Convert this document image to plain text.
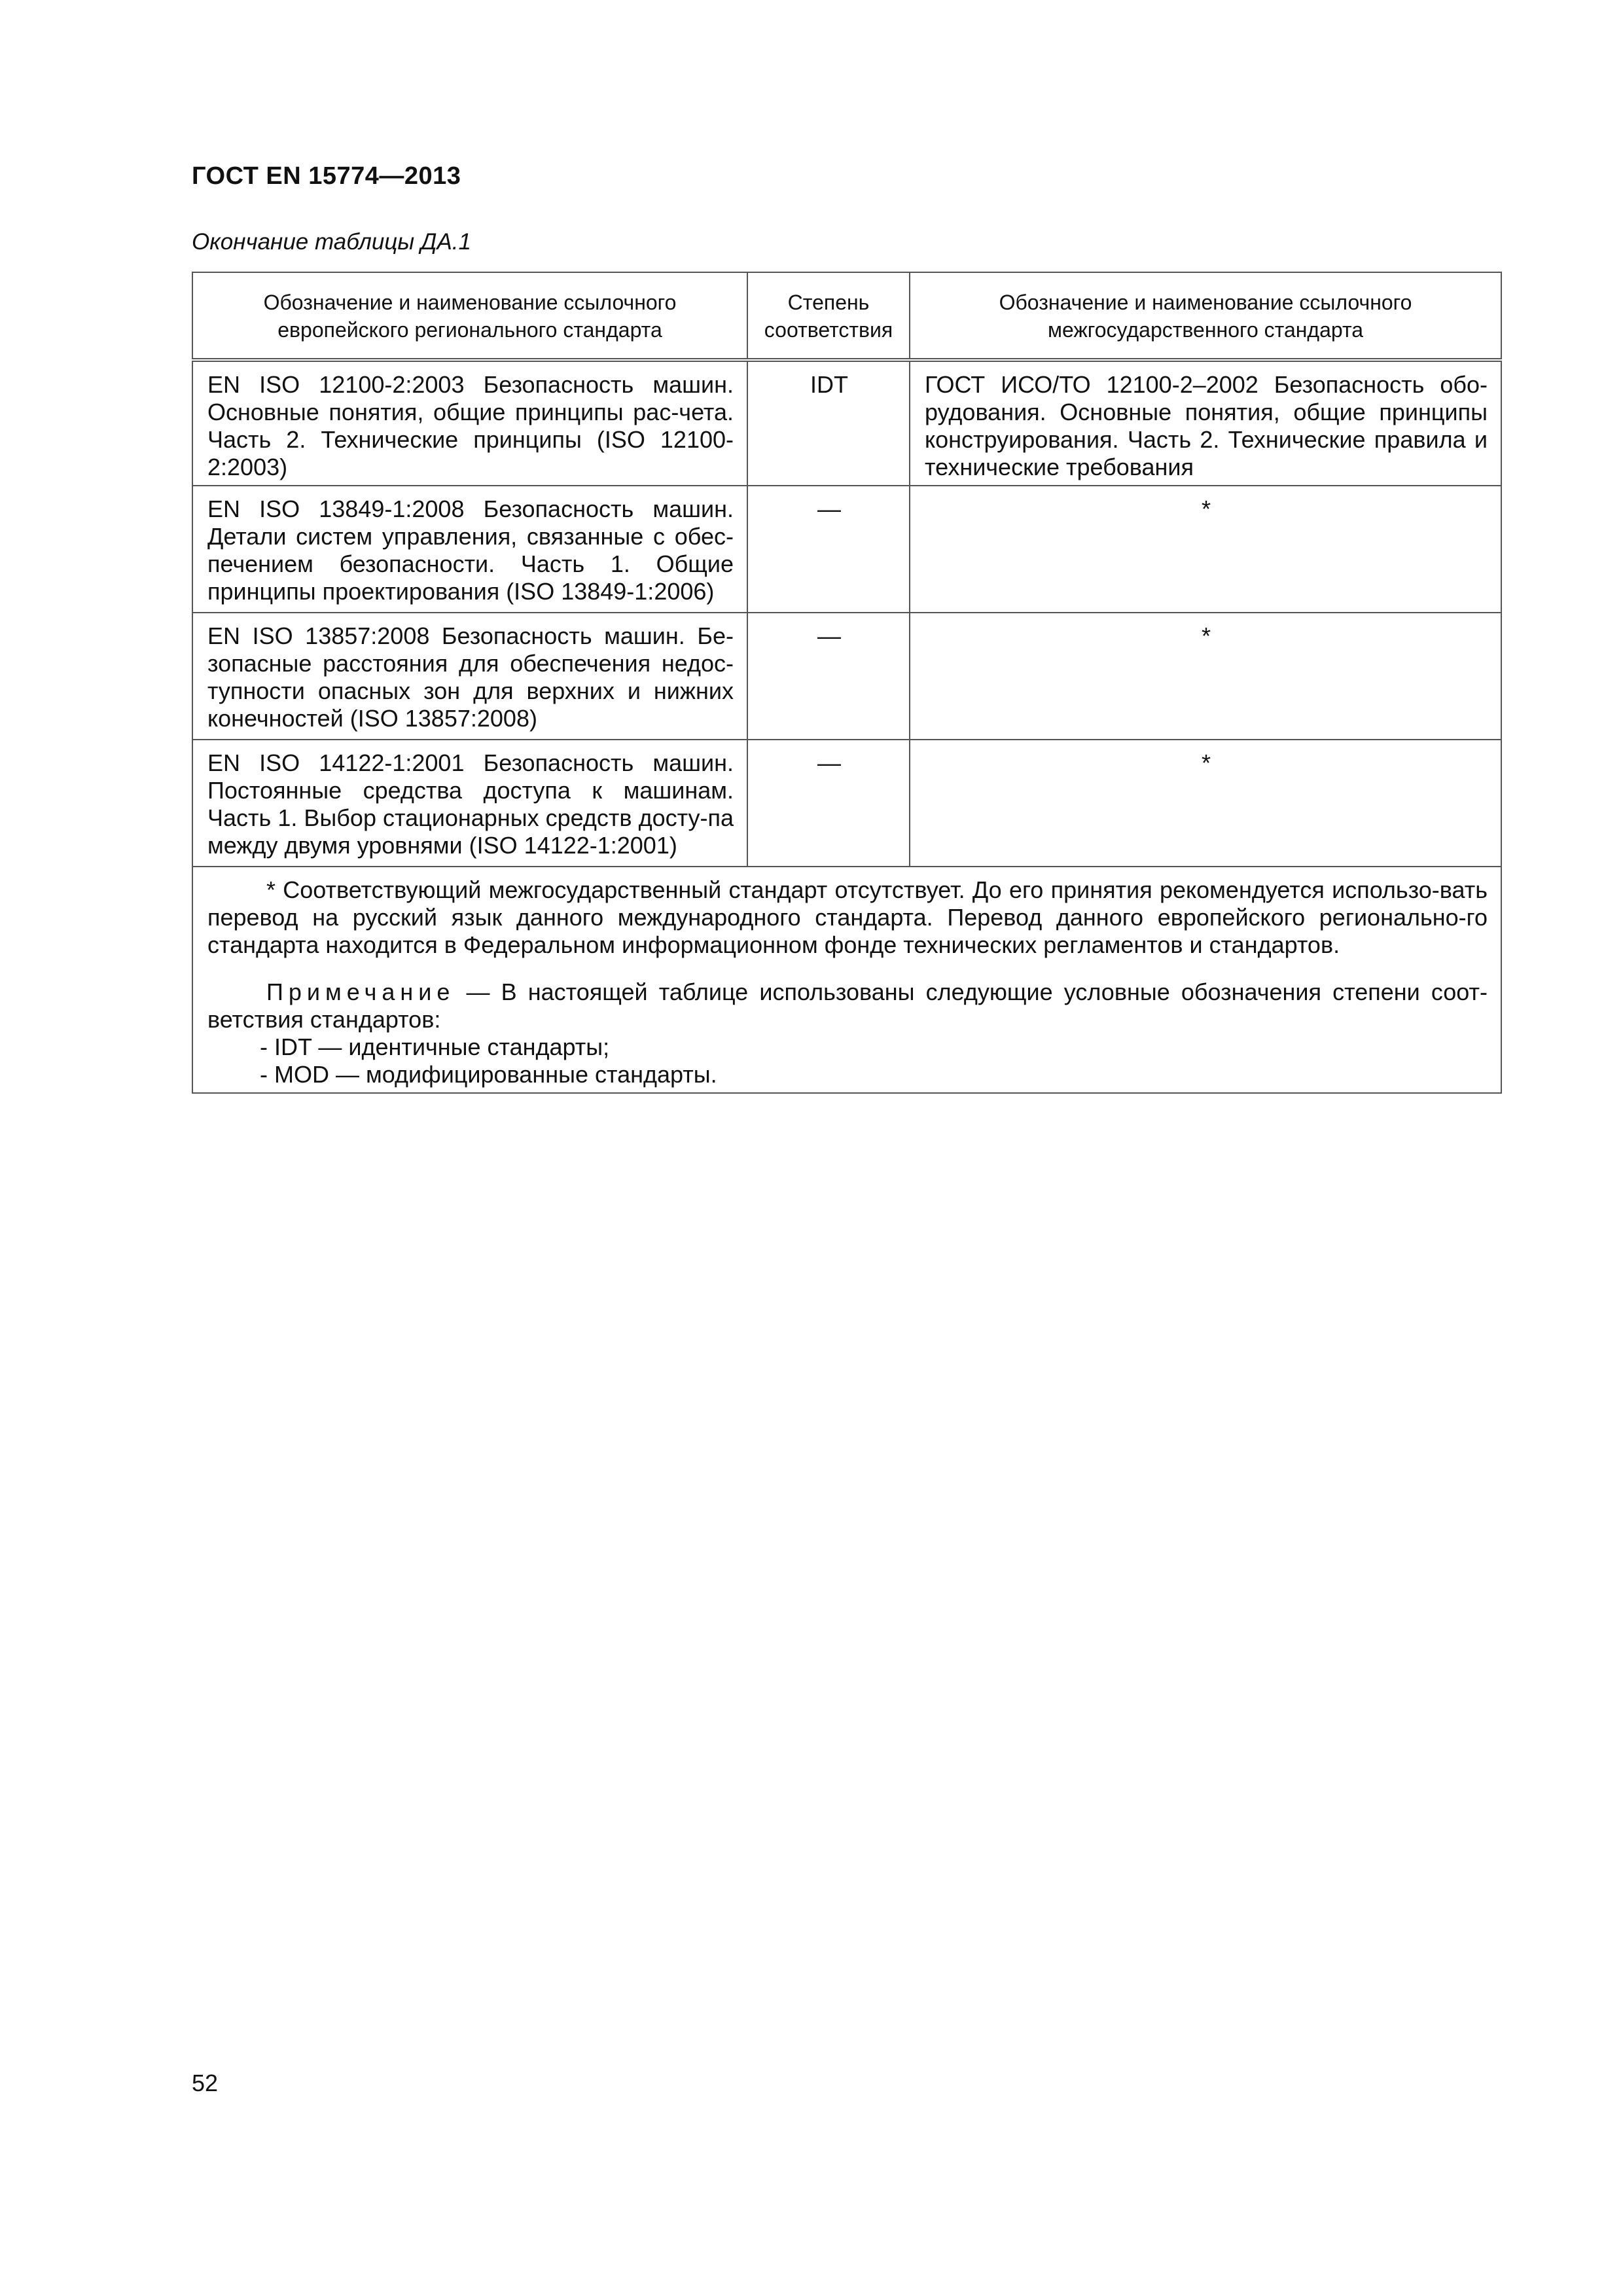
ГОСТ EN 15774—2013
Окончание таблицы ДА.1
Обозначение и наименование ссылочного европейского регионального стандарта	Степень соответствия	Обозначение и наименование ссылочного межгосударственного стандарта
EN ISO 12100-2:2003 Безопасность машин. Основные понятия, общие принципы рас-чета. Часть 2. Технические принципы (ISO 12100-2:2003)	IDT	ГОСТ ИСО/ТО 12100-2–2002 Безопасность обо-рудования. Основные понятия, общие принципы конструирования. Часть 2. Технические правила и технические требования
EN ISO 13849-1:2008 Безопасность машин. Детали систем управления, связанные с обес-печением безопасности. Часть 1. Общие принципы проектирования (ISO 13849-1:2006)	—	*
EN ISO 13857:2008 Безопасность машин. Бе-зопасные расстояния для обеспечения недос-тупности опасных зон для верхних и нижних конечностей (ISO 13857:2008)	—	*
EN ISO 14122-1:2001 Безопасность машин. Постоянные средства доступа к машинам. Часть 1. Выбор стационарных средств досту-па между двумя уровнями (ISO 14122-1:2001)	—	*

* Соответствующий межгосударственный стандарт отсутствует. До его принятия рекомендуется использо-вать перевод на русский язык данного международного стандарта. Перевод данного европейского регионально-го стандарта находится в Федеральном информационном фонде технических регламентов и стандартов.

Примечание — В настоящей таблице использованы следующие условные обозначения степени соот-ветствия стандартов:

- IDT — идентичные стандарты;
- MOD — модифицированные стандарты.		
52
